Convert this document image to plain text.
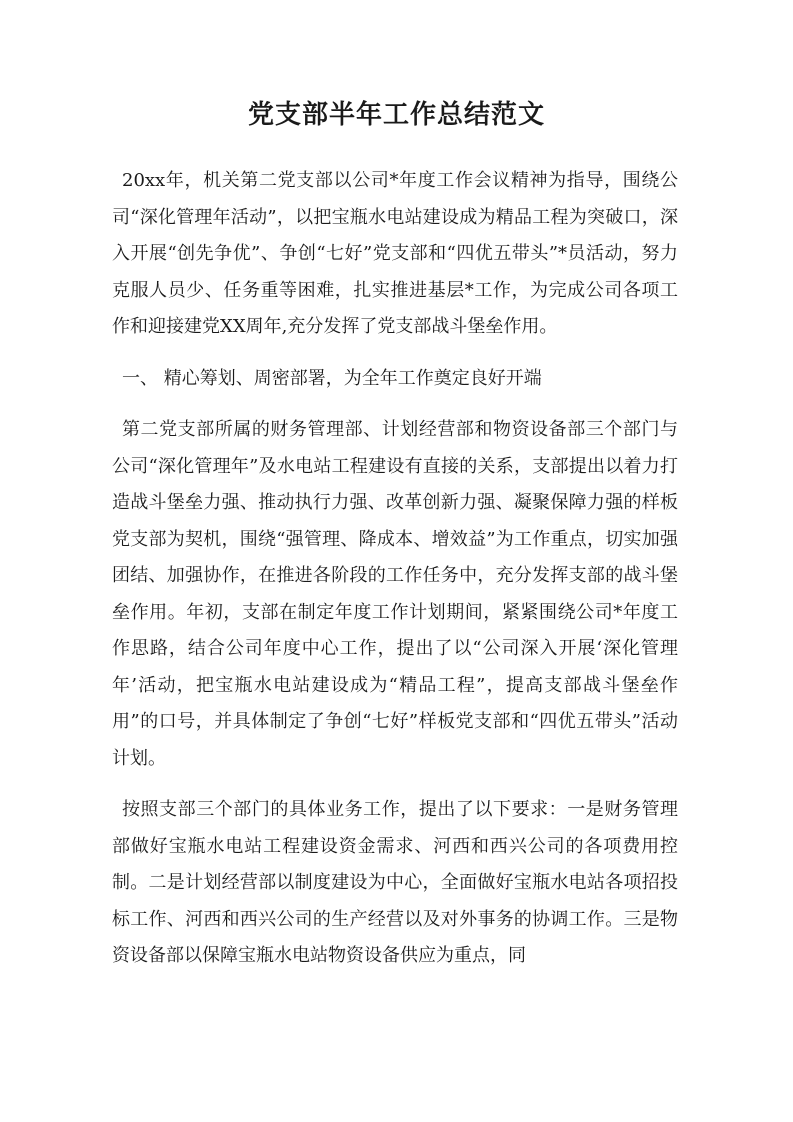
党支部半年工作总结范文

20xx年，机关第二党支部以公司*年度工作会议精神为指导，围绕公司“深化管理年活动”，以把宝瓶水电站建设成为精品工程为突破口，深入开展“创先争优”、争创“七好”党支部和“四优五带头”*员活动，努力克服人员少、任务重等困难，扎实推进基层*工作，为完成公司各项工作和迎接建党XX周年,充分发挥了党支部战斗堡垒作用。

一、 精心筹划、周密部署，为全年工作奠定良好开端

第二党支部所属的财务管理部、计划经营部和物资设备部三个部门与公司“深化管理年”及水电站工程建设有直接的关系，支部提出以着力打造战斗堡垒力强、推动执行力强、改革创新力强、凝聚保障力强的样板党支部为契机，围绕“强管理、降成本、增效益”为工作重点，切实加强团结、加强协作，在推进各阶段的工作任务中，充分发挥支部的战斗堡垒作用。年初，支部在制定年度工作计划期间，紧紧围绕公司*年度工作思路，结合公司年度中心工作，提出了以“公司深入开展‘深化管理年’活动，把宝瓶水电站建设成为“精品工程”，提高支部战斗堡垒作用”的口号，并具体制定了争创“七好”样板党支部和“四优五带头”活动计划。

按照支部三个部门的具体业务工作，提出了以下要求：一是财务管理部做好宝瓶水电站工程建设资金需求、河西和西兴公司的各项费用控制。二是计划经营部以制度建设为中心，全面做好宝瓶水电站各项招投标工作、河西和西兴公司的生产经营以及对外事务的协调工作。三是物资设备部以保障宝瓶水电站物资设备供应为重点，同
